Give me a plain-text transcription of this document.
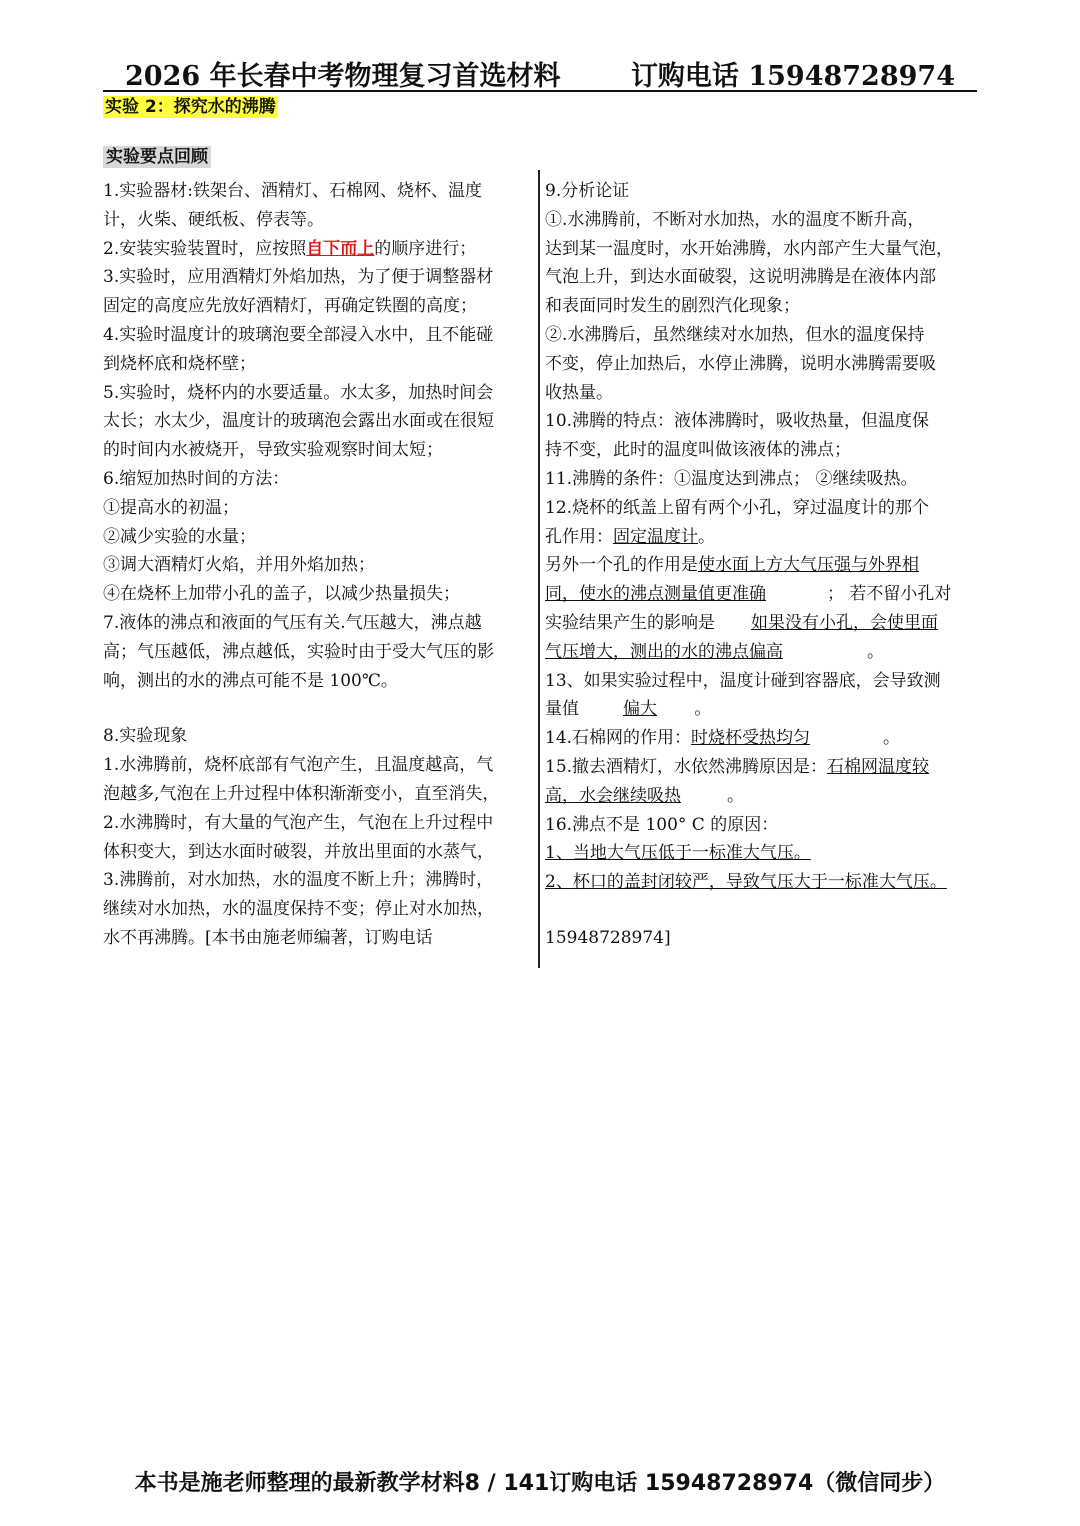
2026 年长春中考物理复习首选材料	订购电话 15948728974
实验 2：探究水的沸腾
实验要点回顾
1.实验器材:铁架台、酒精灯、石棉网、烧杯、温度
计，火柴、硬纸板、停表等。
2.安装实验装置时，应按照自下而上的顺序进行；
3.实验时，应用酒精灯外焰加热，为了便于调整器材
固定的高度应先放好酒精灯，再确定铁圈的高度；
4.实验时温度计的玻璃泡要全部浸入水中，且不能碰
到烧杯底和烧杯壁；
5.实验时，烧杯内的水要适量。水太多，加热时间会
太长；水太少，温度计的玻璃泡会露出水面或在很短
的时间内水被烧开，导致实验观察时间太短；
6.缩短加热时间的方法：
①提高水的初温；
②减少实验的水量；
③调大酒精灯火焰，并用外焰加热；
④在烧杯上加带小孔的盖子，以减少热量损失；
7.液体的沸点和液面的气压有关.气压越大，沸点越
高；气压越低，沸点越低，实验时由于受大气压的影
响，测出的水的沸点可能不是 100℃。
8.实验现象
1.水沸腾前，烧杯底部有气泡产生，且温度越高，气
泡越多,气泡在上升过程中体积渐渐变小，直至消失，
2.水沸腾时，有大量的气泡产生，气泡在上升过程中
体积变大，到达水面时破裂，并放出里面的水蒸气，
3.沸腾前，对水加热，水的温度不断上升；沸腾时，
继续对水加热，水的温度保持不变；停止对水加热，
水不再沸腾。[本书由施老师编著，订购电话
9.分析论证
①.水沸腾前，不断对水加热，水的温度不断升高，
达到某一温度时，水开始沸腾，水内部产生大量气泡，
气泡上升，到达水面破裂，这说明沸腾是在液体内部
和表面同时发生的剧烈汽化现象；
②.水沸腾后，虽然继续对水加热，但水的温度保持
不变，停止加热后，水停止沸腾，说明水沸腾需要吸
收热量。
10.沸腾的特点：液体沸腾时，吸收热量，但温度保
持不变，此时的温度叫做该液体的沸点；
11.沸腾的条件：①温度达到沸点； ②继续吸热。
12.烧杯的纸盖上留有两个小孔，穿过温度计的那个
孔作用：固定温度计。
另外一个孔的作用是使水面上方大气压强与外界相
同，使水的沸点测量值更准确	； 若不留小孔对
实验结果产生的影响是 如果没有小孔，会使里面
气压增大，测出的水的沸点偏高	。
13、如果实验过程中，温度计碰到容器底，会导致测
量值	偏大 。
14.石棉网的作用：时烧杯受热均匀	。
15.撤去酒精灯，水依然沸腾原因是：石棉网温度较
高，水会继续吸热	。
16.沸点不是 100° C 的原因：
1、当地大气压低于一标准大气压。
2、杯口的盖封闭较严，导致气压大于一标准大气压。
15948728974]
本书是施老师整理的最新教学材料8 / 141订购电话 15948728974（微信同步）
